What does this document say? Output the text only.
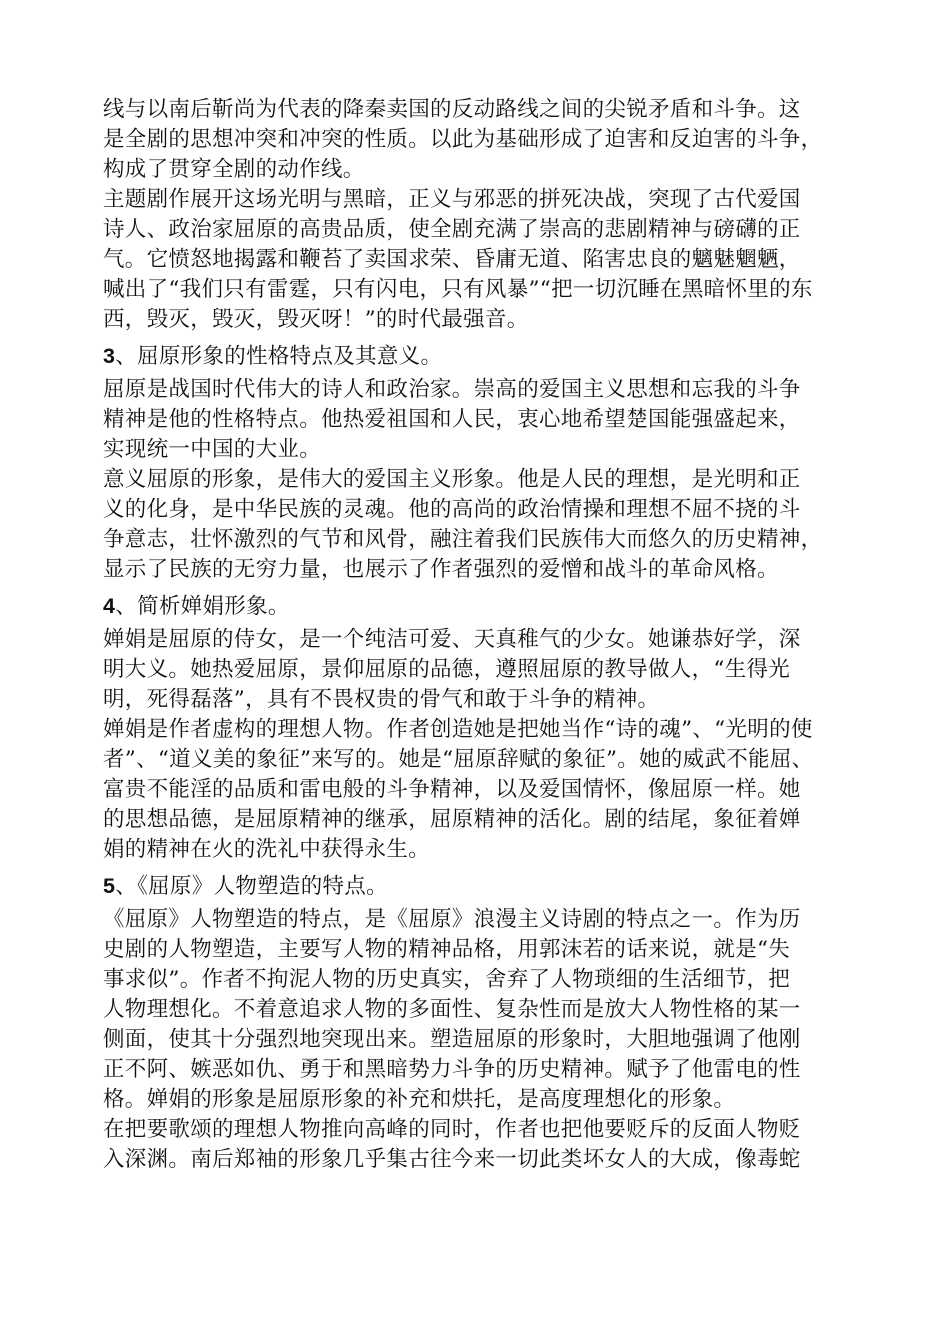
线与以南后靳尚为代表的降秦卖国的反动路线之间的尖锐矛盾和斗争。这
是全剧的思想冲突和冲突的性质。以此为基础形成了迫害和反迫害的斗争，
构成了贯穿全剧的动作线。
主题剧作展开这场光明与黑暗，正义与邪恶的拼死决战，突现了古代爱国
诗人、政治家屈原的高贵品质，使全剧充满了崇高的悲剧精神与磅礴的正
气。它愤怒地揭露和鞭苔了卖国求荣、昏庸无道、陷害忠良的魑魅魍魉，
喊出了“我们只有雷霆，只有闪电，只有风暴”“把一切沉睡在黑暗怀里的东
西，毁灭，毁灭，毁灭呀！”的时代最强音。
3、屈原形象的性格特点及其意义。
屈原是战国时代伟大的诗人和政治家。崇高的爱国主义思想和忘我的斗争
精神是他的性格特点。他热爱祖国和人民，衷心地希望楚国能强盛起来，
实现统一中国的大业。
意义屈原的形象，是伟大的爱国主义形象。他是人民的理想，是光明和正
义的化身，是中华民族的灵魂。他的高尚的政治情操和理想不屈不挠的斗
争意志，壮怀激烈的气节和风骨，融注着我们民族伟大而悠久的历史精神，
显示了民族的无穷力量，也展示了作者强烈的爱憎和战斗的革命风格。
4、简析婵娟形象。
婵娟是屈原的侍女，是一个纯洁可爱、天真稚气的少女。她谦恭好学，深
明大义。她热爱屈原，景仰屈原的品德，遵照屈原的教导做人，“生得光
明，死得磊落”，具有不畏权贵的骨气和敢于斗争的精神。
婵娟是作者虚构的理想人物。作者创造她是把她当作“诗的魂”、“光明的使
者”、“道义美的象征”来写的。她是“屈原辞赋的象征”。她的威武不能屈、
富贵不能淫的品质和雷电般的斗争精神，以及爱国情怀，像屈原一样。她
的思想品德，是屈原精神的继承，屈原精神的活化。剧的结尾，象征着婵
娟的精神在火的洗礼中获得永生。
5、《屈原》人物塑造的特点。
《屈原》人物塑造的特点，是《屈原》浪漫主义诗剧的特点之一。作为历
史剧的人物塑造，主要写人物的精神品格，用郭沫若的话来说，就是“失
事求似”。作者不拘泥人物的历史真实，舍弃了人物琐细的生活细节，把
人物理想化。不着意追求人物的多面性、复杂性而是放大人物性格的某一
侧面，使其十分强烈地突现出来。塑造屈原的形象时，大胆地强调了他刚
正不阿、嫉恶如仇、勇于和黑暗势力斗争的历史精神。赋予了他雷电的性
格。婵娟的形象是屈原形象的补充和烘托，是高度理想化的形象。
在把要歌颂的理想人物推向高峰的同时，作者也把他要贬斥的反面人物贬
入深渊。南后郑袖的形象几乎集古往今来一切此类坏女人的大成，像毒蛇
